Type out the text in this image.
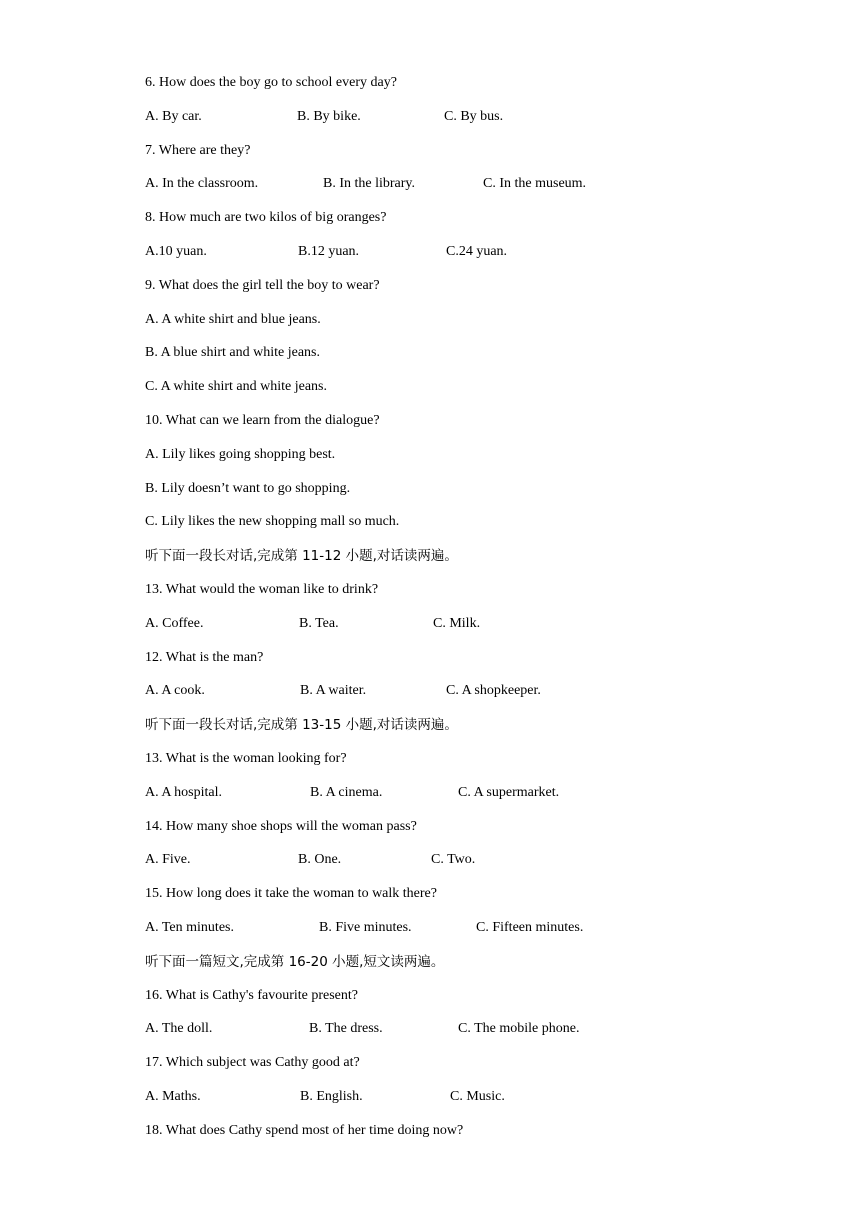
6. How does the boy go to school every day?
A. By car.	B. By bike.	C. By bus.
7. Where are they?
A. In the classroom.	B. In the library.	C. In the museum.
8. How much are two kilos of big oranges?
A.10 yuan.	B.12 yuan.	C.24 yuan.
9. What does the girl tell the boy to wear?
A. A white shirt and blue jeans.
B. A blue shirt and white jeans.
C. A white shirt and white jeans.
10. What can we learn from the dialogue?
A. Lily likes going shopping best.
B. Lily doesn’t want to go shopping.
C. Lily likes the new shopping mall so much.
听下面一段长对话,完成第 11-12 小题,对话读两遍。
13. What would the woman like to drink?
A. Coffee.	B. Tea.	C. Milk.
12. What is the man?
A. A cook.	B. A waiter.	C. A shopkeeper.
听下面一段长对话,完成第 13-15 小题,对话读两遍。
13. What is the woman looking for?
A. A hospital.	B. A cinema.	C. A supermarket.
14. How many shoe shops will the woman pass?
A. Five.	B. One.	C. Two.
15. How long does it take the woman to walk there?
A. Ten minutes.	B. Five minutes.	C. Fifteen minutes.
听下面一篇短文,完成第 16-20 小题,短文读两遍。
16. What is Cathy's favourite present?
A. The doll.	B. The dress.	C. The mobile phone.
17. Which subject was Cathy good at?
A. Maths.	B. English.	C. Music.
18. What does Cathy spend most of her time doing now?
